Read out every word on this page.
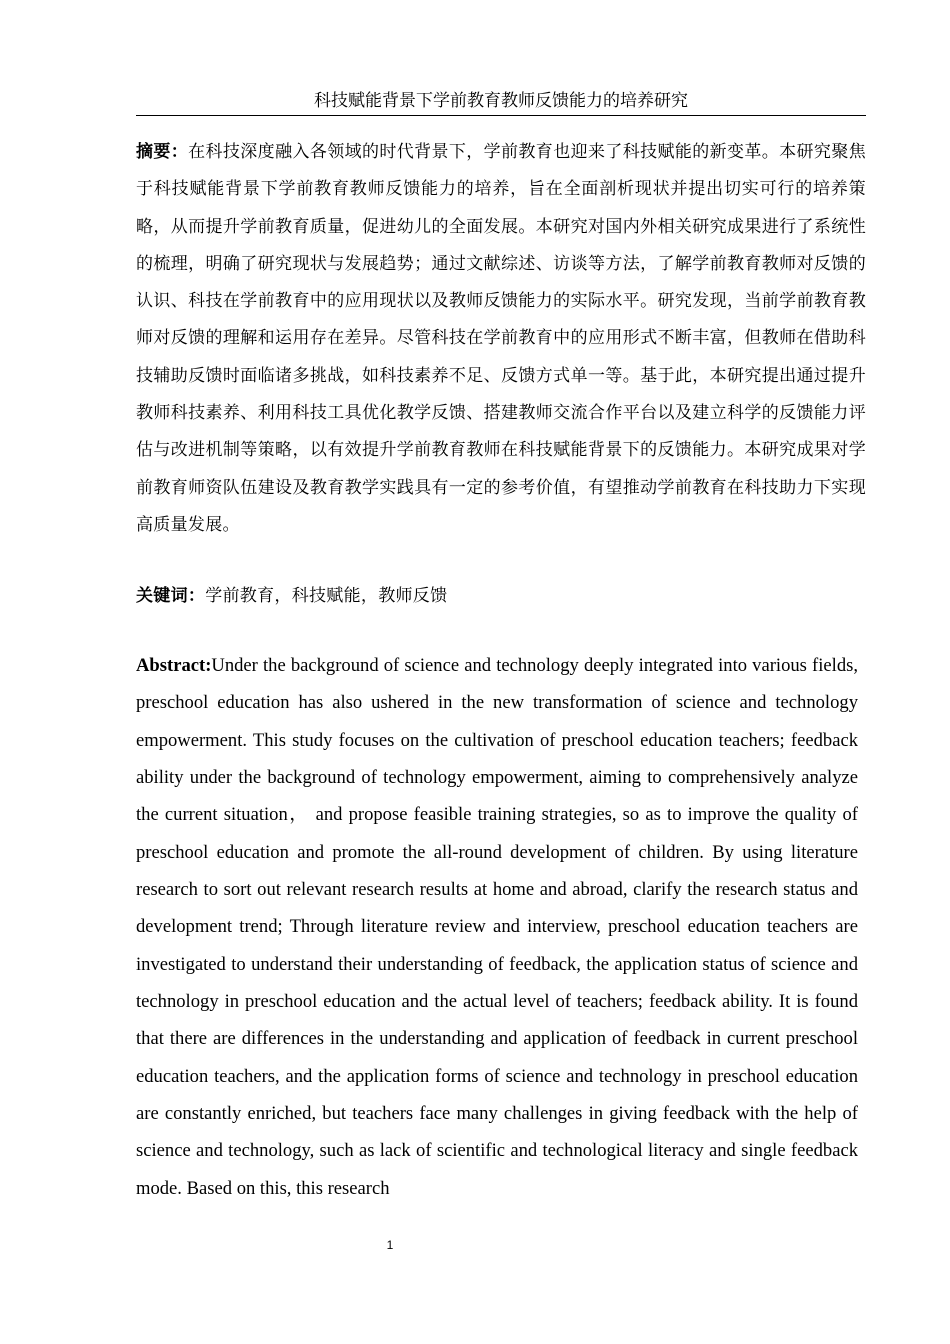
科技赋能背景下学前教育教师反馈能力的培养研究
摘要：在科技深度融入各领域的时代背景下，学前教育也迎来了科技赋能的新变革。本研究聚焦于科技赋能背景下学前教育教师反馈能力的培养，旨在全面剖析现状并提出切实可行的培养策略，从而提升学前教育质量，促进幼儿的全面发展。本研究对国内外相关研究成果进行了系统性的梳理，明确了研究现状与发展趋势；通过文献综述、访谈等方法，了解学前教育教师对反馈的认识、科技在学前教育中的应用现状以及教师反馈能力的实际水平。研究发现，当前学前教育教师对反馈的理解和运用存在差异。尽管科技在学前教育中的应用形式不断丰富，但教师在借助科技辅助反馈时面临诸多挑战，如科技素养不足、反馈方式单一等。基于此，本研究提出通过提升教师科技素养、利用科技工具优化教学反馈、搭建教师交流合作平台以及建立科学的反馈能力评估与改进机制等策略，以有效提升学前教育教师在科技赋能背景下的反馈能力。本研究成果对学前教育师资队伍建设及教育教学实践具有一定的参考价值，有望推动学前教育在科技助力下实现高质量发展。
关键词：学前教育，科技赋能，教师反馈
Abstract:Under the background of science and technology deeply integrated into various fields, preschool education has also ushered in the new transformation of science and technology empowerment. This study focuses on the cultivation of preschool education teachers; feedback ability under the background of technology empowerment, aiming to comprehensively analyze the current situation， and propose feasible training strategies, so as to improve the quality of preschool education and promote the all-round development of children. By using literature research to sort out relevant research results at home and abroad, clarify the research status and development trend; Through literature review and interview, preschool education teachers are investigated to understand their understanding of feedback, the application status of science and technology in preschool education and the actual level of teachers; feedback ability. It is found that there are differences in the understanding and application of feedback in current preschool education teachers, and the application forms of science and technology in preschool education are constantly enriched, but teachers face many challenges in giving feedback with the help of science and technology, such as lack of scientific and technological literacy and single feedback mode. Based on this, this research
1
